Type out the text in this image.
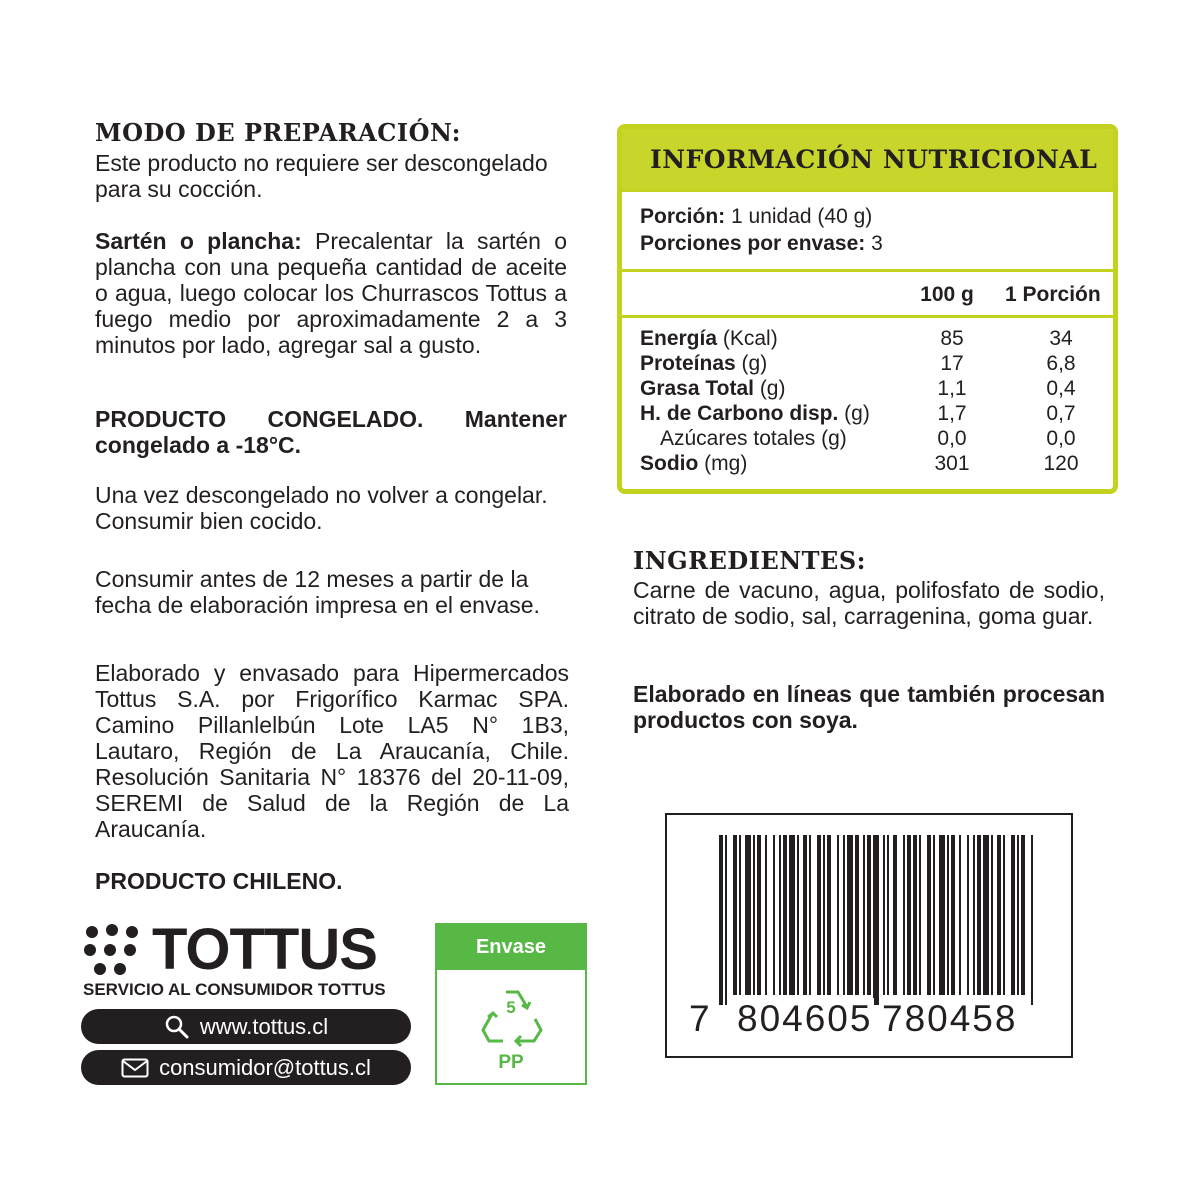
MODO DE PREPARACIÓN:

Este producto no requiere ser descongelado para su cocción.

Sartén o plancha: Precalentar la sartén o plancha con una pequeña cantidad de aceite o agua, luego colocar los Churrascos Tottus a fuego medio por aproximadamente 2 a 3 minutos por lado, agregar sal a gusto.

PRODUCTO CONGELADO. Mantener congelado a -18°C.

Una vez descongelado no volver a congelar. Consumir bien cocido.

Consumir antes de 12 meses a partir de la fecha de elaboración impresa en el envase.

Elaborado y envasado para Hipermercados Tottus S.A. por Frigorífico Karmac SPA. Camino Pillanlelbún Lote LA5 N° 1B3, Lautaro, Región de La Araucanía, Chile. Resolución Sanitaria N° 18376 del 20-11-09, SEREMI de Salud de la Región de La Araucanía.

PRODUCTO CHILENO.

INFORMACIÓN NUTRICIONAL
Porción: 1 unidad (40 g)
Porciones por envase: 3
100 g	1 Porción
Energía (Kcal)	85	34
Proteínas (g)	17	6,8
Grasa Total (g)	1,1	0,4
H. de Carbono disp. (g)	1,7	0,7
Azúcares totales (g)	0,0	0,0
Sodio (mg)	301	120
INGREDIENTES:

Carne de vacuno, agua, polifosfato de sodio, citrato de sodio, sal, carragenina, goma guar.

Elaborado en líneas que también procesan productos con soya.

TOTTUS
SERVICIO AL CONSUMIDOR TOTTUS
www.tottus.cl
consumidor@tottus.cl
Envase
5
PP
7 804605 780458
